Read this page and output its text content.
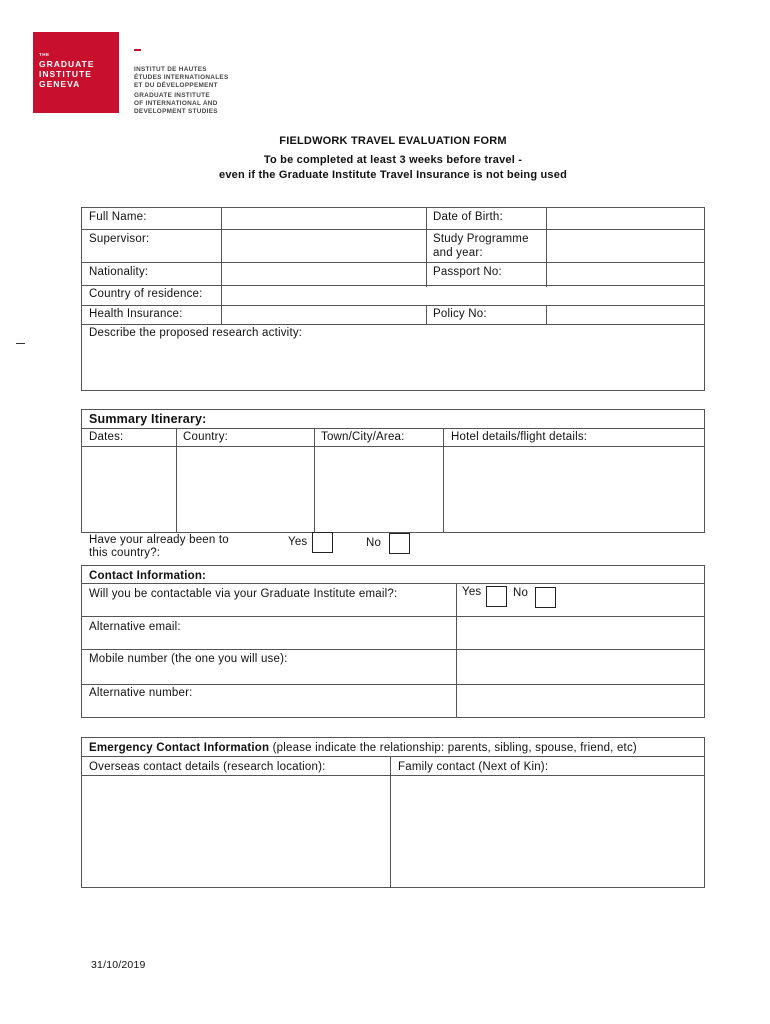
THE
GRADUATE
INSTITUTE
GENEVA
INSTITUT DE HAUTES
ÉTUDES INTERNATIONALES
ET DU DÉVELOPPEMENT
GRADUATE INSTITUTE
OF INTERNATIONAL AND
DEVELOPMENT STUDIES
FIELDWORK TRAVEL EVALUATION FORM
To be completed at least 3 weeks before travel -
even if the Graduate Institute Travel Insurance is not being used
Full Name:	Date of Birth:
Supervisor:	Study Programme
and year:
Nationality:	Passport No:
Country of residence:
Health Insurance:	Policy No:
Describe the proposed research activity:
Summary Itinerary:
Dates:	Country:	Town/City/Area:	Hotel details/flight details:
Have your already been to
this country?:
Yes	No
Contact Information:
Will you be contactable via your Graduate Institute email?:	Yes	No
Alternative email:
Mobile number (the one you will use):
Alternative number:
Emergency Contact Information (please indicate the relationship: parents, sibling, spouse, friend, etc)
Overseas contact details (research location):	Family contact (Next of Kin):
31/10/2019
